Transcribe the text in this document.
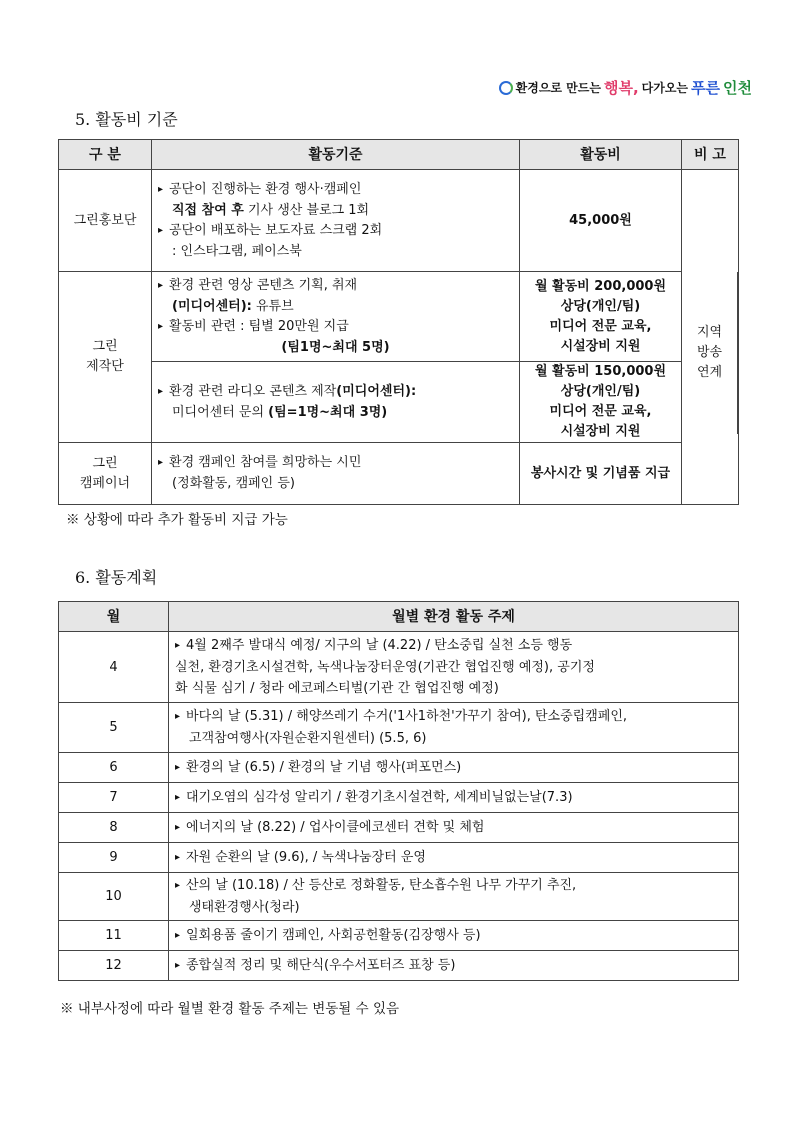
환경으로 만드는 행복, 다가오는 푸른 인천
5. 활동비 기준
구 분	활동기준	활동비	비 고
그린홍보단	▸ 공단이 진행하는 환경 행사·캠페인
직접 참여 후 기사 생산 블로그 1회
▸ 공단이 배포하는 보도자료 스크랩 2회
: 인스타그램, 페이스북	45,000원	

그린
제작단	▸ 환경 관련 영상 콘텐츠 기획, 취재
(미디어센터): 유튜브
▸ 활동비 관련 : 팀별 20만원 지급
(팀1명~최대 5명)	월 활동비 200,000원
상당(개인/팀)
미디어 전문 교육,
시설장비 지원	

	▸ 환경 관련 라디오 콘텐츠 제작(미디어센터):
미디어센터 문의 (팀=1명~최대 3명)	월 활동비 150,000원
상당(개인/팀)
미디어 전문 교육,
시설장비 지원	

그린
캠페이너	▸ 환경 캠페인 참여를 희망하는 시민
(정화활동, 캠페인 등)	봉사시간 및 기념품 지급	
지역
방송
연계
※ 상황에 따라 추가 활동비 지급 가능
6. 활동계획
월	월별 환경 활동 주제
4	▸ 4월 2째주 발대식 예정/ 지구의 날 (4.22) / 탄소중립 실천 소등 행동
실천, 환경기초시설견학, 녹색나눔장터운영(기관간 협업진행 예정), 공기정
화 식물 심기 / 청라 에코페스티벌(기관 간 협업진행 예정)

5	▸ 바다의 날 (5.31) / 해양쓰레기 수거('1사1하천'가꾸기 참여), 탄소중립캠페인,
고객참여행사(자원순환지원센터) (5.5, 6)

6	▸ 환경의 날 (6.5) / 환경의 날 기념 행사(퍼포먼스)
7	▸ 대기오염의 심각성 알리기 / 환경기초시설견학, 세계비닐없는날(7.3)
8	▸ 에너지의 날 (8.22) / 업사이클에코센터 견학 및 체험
9	▸ 자원 순환의 날 (9.6), / 녹색나눔장터 운영
10	▸ 산의 날 (10.18) / 산 등산로 정화활동, 탄소흡수원 나무 가꾸기 추진,
생태환경행사(청라)

11	▸ 일회용품 줄이기 캠페인, 사회공헌활동(김장행사 등)
12	▸ 종합실적 정리 및 해단식(우수서포터즈 표창 등)
※ 내부사정에 따라 월별 환경 활동 주제는 변동될 수 있음
